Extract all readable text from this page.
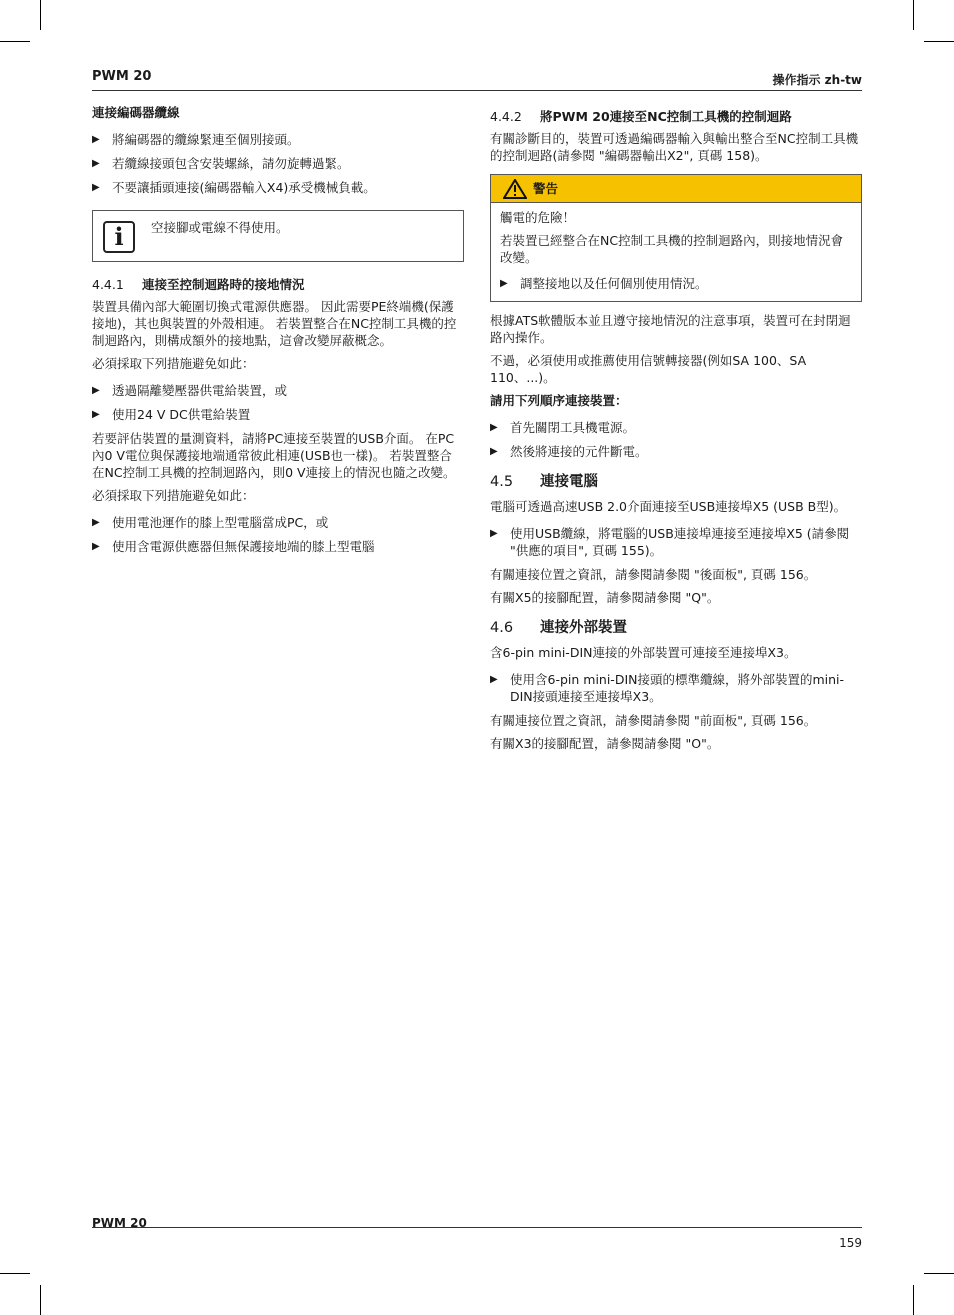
PWM 20	操作指示 zh-tw
連接編碼器纜線
▶ 將編碼器的纜線緊連至個別接頭。
▶ 若纜線接頭包含安裝螺絲，請勿旋轉過緊。
▶ 不要讓插頭連接(編碼器輸入X4)承受機械負載。
i	空接腳或電線不得使用。
4.4.1	連接至控制迴路時的接地情況
裝置具備內部大範圍切換式電源供應器。 因此需要PE終端機(保護接地)，其也與裝置的外殼相連。 若裝置整合在NC控制工具機的控制迴路內，則構成額外的接地點，這會改變屏蔽概念。
必須採取下列措施避免如此：
▶ 透過隔離變壓器供電給裝置，或
▶ 使用24 V DC供電給裝置
若要評估裝置的量測資料，請將PC連接至裝置的USB介面。 在PC內0 V電位與保護接地端通常彼此相連(USB也一樣)。 若裝置整合在NC控制工具機的控制迴路內，則0 V連接上的情況也隨之改變。
必須採取下列措施避免如此：
▶ 使用電池運作的膝上型電腦當成PC，或
▶ 使用含電源供應器但無保護接地端的膝上型電腦
4.4.2	將PWM 20連接至NC控制工具機的控制迴路
有關診斷目的，裝置可透過編碼器輸入與輸出整合至NC控制工具機的控制迴路(請參閱 "編碼器輸出X2", 頁碼 158)。
警告
觸電的危險！
若裝置已經整合在NC控制工具機的控制迴路內，則接地情況會改變。
▶ 調整接地以及任何個別使用情況。
根據ATS軟體版本並且遵守接地情況的注意事項，裝置可在封閉迴路內操作。
不過，必須使用或推薦使用信號轉接器(例如SA 100、SA 110、...)。
請用下列順序連接裝置：
▶ 首先關閉工具機電源。
▶ 然後將連接的元件斷電。
4.5	連接電腦
電腦可透過高速USB 2.0介面連接至USB連接埠X5 (USB B型)。
▶ 使用USB纜線，將電腦的USB連接埠連接至連接埠X5 (請參閱 "供應的項目", 頁碼 155)。
有關連接位置之資訊，請參閱請參閱 "後面板", 頁碼 156。
有關X5的接腳配置，請參閱請參閱 "Q"。
4.6	連接外部裝置
含6-pin mini-DIN連接的外部裝置可連接至連接埠X3。
▶ 使用含6-pin mini-DIN接頭的標準纜線，將外部裝置的mini-DIN接頭連接至連接埠X3。
有關連接位置之資訊，請參閱請參閱 "前面板", 頁碼 156。
有關X3的接腳配置，請參閱請參閱 "O"。
PWM 20
159
